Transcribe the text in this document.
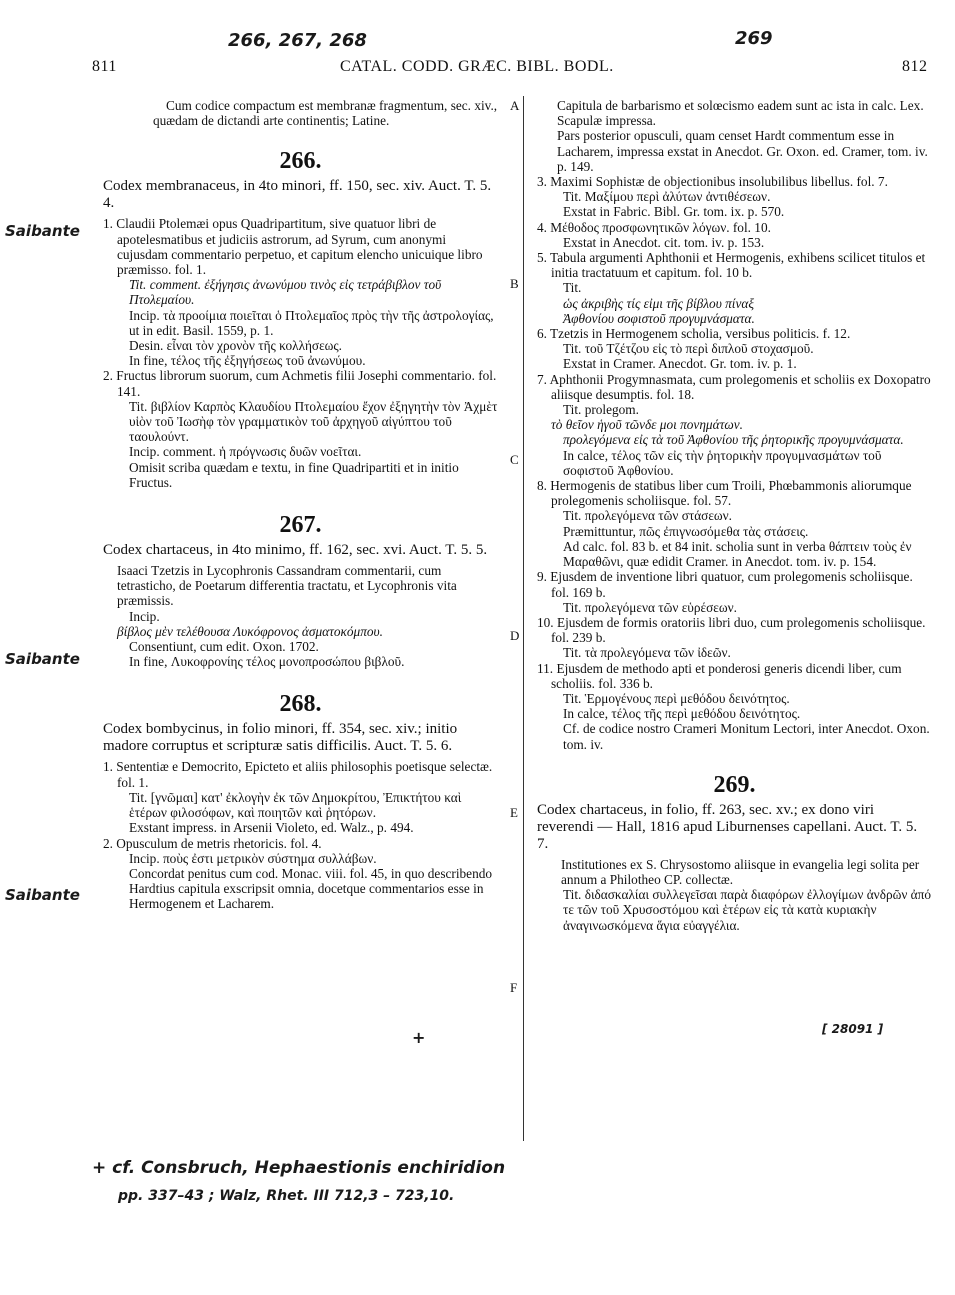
266, 267, 268	269
Saibante
Saibante
Saibante
+	[ 28091 ]
+ cf. Consbruch, Hephaestionis enchiridion
pp. 337–43 ; Walz, Rhet. III 712,3 – 723,10.
811	CATAL. CODD. GRÆC. BIBL. BODL.	812
A
B
C
D
E
F

Cum codice compactum est membranæ fragmentum, sec. xiv., quædam de dictandi arte continentis; Latine.

266.

Codex membranaceus, in 4to minori, ff. 150, sec. xiv. Auct. T. 5. 4.

1. Claudii Ptolemæi opus Quadripartitum, sive quatuor libri de apotelesmatibus et judiciis astrorum, ad Syrum, cum anonymi cujusdam commentario perpetuo, et capitum elencho unicuique libro præmisso. fol. 1.

Tit. comment. ἐξήγησις ἀνωνύμου τινὸς εἰς τετράβιβλον τοῦ Πτολεμαίου.

Incip. τὰ προοίμια ποιεῖται ὁ Πτολεμαῖος πρὸς τὴν τῆς ἀστρολογίας, ut in edit. Basil. 1559, p. 1.

Desin. εἶναι τὸν χρονὸν τῆς κολλήσεως.

In fine, τέλος τῆς ἐξηγήσεως τοῦ ἀνωνύμου.

2. Fructus librorum suorum, cum Achmetis filii Josephi commentario. fol. 141.

Tit. βιβλίον Καρπὸς Κλαυδίου Πτολεμαίου ἔχον ἐξηγητὴν τὸν Ἀχμὲτ υἱὸν τοῦ Ἰωσὴφ τὸν γραμματικὸν τοῦ ἀρχηγοῦ αἰγύπτου τοῦ ταουλούντ.

Incip. comment. ἡ πρόγνωσις δυῶν νοεῖται.

Omisit scriba quædam e textu, in fine Quadripartiti et in initio Fructus.

267.

Codex chartaceus, in 4to minimo, ff. 162, sec. xvi. Auct. T. 5. 5.

Isaaci Tzetzis in Lycophronis Cassandram commentarii, cum tetrasticho, de Poetarum differentia tractatu, et Lycophronis vita præmissis.

Incip.

βίβλος μὲν τελέθουσα Λυκόφρονος ἀσματοκόμπου.

Consentiunt, cum edit. Oxon. 1702.

In fine, Λυκοφρονίης τέλος μονοπροσώπου βιβλοῦ.

268.

Codex bombycinus, in folio minori, ff. 354, sec. xiv.; initio madore corruptus et scripturæ satis difficilis. Auct. T. 5. 6.

1. Sententiæ e Democrito, Epicteto et aliis philosophis poetisque selectæ. fol. 1.

Tit. [γνῶμαι] κατ' ἐκλογὴν ἐκ τῶν Δημοκρίτου, Ἐπικτήτου καὶ ἑτέρων φιλοσόφων, καὶ ποιητῶν καὶ ῥητόρων.

Exstant impress. in Arsenii Violeto, ed. Walz., p. 494.

2. Opusculum de metris rhetoricis. fol. 4.

Incip. ποὺς ἐστι μετρικὸν σύστημα συλλάβων.

Concordat penitus cum cod. Monac. viii. fol. 45, in quo describendo Hardtius capitula exscripsit omnia, docetque commentarios esse in Hermogenem et Lacharem.

Capitula de barbarismo et solœcismo eadem sunt ac ista in calc. Lex. Scapulæ impressa.

Pars posterior opusculi, quam censet Hardt commentum esse in Lacharem, impressa exstat in Anecdot. Gr. Oxon. ed. Cramer, tom. iv. p. 149.

3. Maximi Sophistæ de objectionibus insolubilibus libellus. fol. 7.

Tit. Μαξίμου περὶ ἀλύτων ἀντιθέσεων.

Exstat in Fabric. Bibl. Gr. tom. ix. p. 570.

4. Μέθοδος προσφωνητικῶν λόγων. fol. 10.

Exstat in Anecdot. cit. tom. iv. p. 153.

5. Tabula argumenti Aphthonii et Hermogenis, exhibens scilicet titulos et initia tractatuum et capitum. fol. 10 b.

Tit.

ὡς ἀκριβὴς τίς εἰμι τῆς βίβλου πίναξ

Ἀφθονίου σοφιστοῦ προγυμνάσματα.

6. Tzetzis in Hermogenem scholia, versibus politicis. f. 12.

Tit. τοῦ Τζέτζου εἰς τὸ περὶ διπλοῦ στοχασμοῦ.

Exstat in Cramer. Anecdot. Gr. tom. iv. p. 1.

7. Aphthonii Progymnasmata, cum prolegomenis et scholiis ex Doxopatro aliisque desumptis. fol. 18.

Tit. prolegom.

τὸ θεῖον ἡγοῦ τῶνδε μοι πονημάτων.

προλεγόμενα εἰς τὰ τοῦ Ἀφθονίου τῆς ῥητορικῆς προγυμνάσματα.

In calce, τέλος τῶν εἰς τὴν ῥητορικὴν προγυμνασμάτων τοῦ σοφιστοῦ Ἀφθονίου.

8. Hermogenis de statibus liber cum Troili, Phœbammonis aliorumque prolegomenis scholiisque. fol. 57.

Tit. προλεγόμενα τῶν στάσεων.

Præmittuntur, πῶς ἐπιγνωσόμεθα τὰς στάσεις.

Ad calc. fol. 83 b. et 84 init. scholia sunt in verba θάπτειν τοὺς ἐν Μαραθῶνι, quæ edidit Cramer. in Anecdot. tom. iv. p. 154.

9. Ejusdem de inventione libri quatuor, cum prolegomenis scholiisque. fol. 169 b.

Tit. προλεγόμενα τῶν εὑρέσεων.

10. Ejusdem de formis oratoriis libri duo, cum prolegomenis scholiisque. fol. 239 b.

Tit. τὰ προλεγόμενα τῶν ἰδεῶν.

11. Ejusdem de methodo apti et ponderosi generis dicendi liber, cum scholiis. fol. 336 b.

Tit. Ἑρμογένους περὶ μεθόδου δεινότητος.

In calce, τέλος τῆς περὶ μεθόδου δεινότητος.

Cf. de codice nostro Crameri Monitum Lectori, inter Anecdot. Oxon. tom. iv.

269.

Codex chartaceus, in folio, ff. 263, sec. xv.; ex dono viri reverendi — Hall, 1816 apud Liburnenses capellani. Auct. T. 5. 7.

Institutiones ex S. Chrysostomo aliisque in evangelia legi solita per annum a Philotheo CP. collectæ.

Tit. διδασκαλίαι συλλεγεῖσαι παρὰ διαφόρων ἐλλογίμων ἀνδρῶν ἀπό τε τῶν τοῦ Χρυσοστόμου καὶ ἑτέρων εἰς τὰ κατὰ κυριακὴν ἀναγινωσκόμενα ἅγια εὐαγγέλια.
